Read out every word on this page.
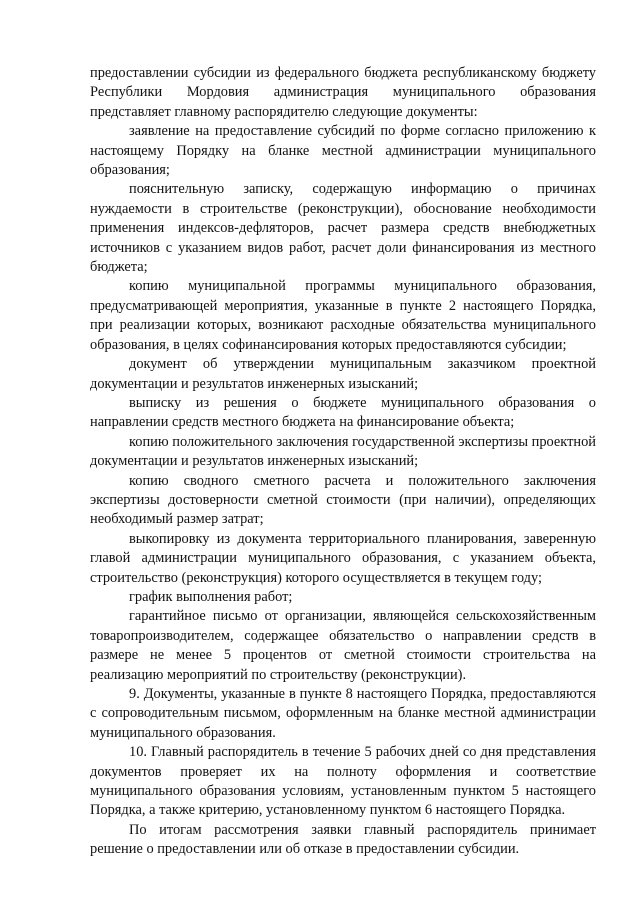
предоставлении субсидии из федерального бюджета республиканскому бюджету Республики Мордовия администрация муниципального образования представляет главному распорядителю следующие документы:

заявление на предоставление субсидий по форме согласно приложению к настоящему Порядку на бланке местной администрации муниципального образования;

пояснительную записку, содержащую информацию о причинах нуждаемости в строительстве (реконструкции), обоснование необходимости применения индексов-дефляторов, расчет размера средств внебюджетных источников с указанием видов работ, расчет доли финансирования из местного бюджета;

копию муниципальной программы муниципального образования, предусматривающей мероприятия, указанные в пункте 2 настоящего Порядка, при реализации которых, возникают расходные обязательства муниципального образования, в целях софинансирования которых предоставляются субсидии;

документ об утверждении муниципальным заказчиком проектной документации и результатов инженерных изысканий;

выписку из решения о бюджете муниципального образования о направлении средств местного бюджета на финансирование объекта;

копию положительного заключения государственной экспертизы проектной документации и результатов инженерных изысканий;

копию сводного сметного расчета и положительного заключения экспертизы достоверности сметной стоимости (при наличии), определяющих необходимый размер затрат;

выкопировку из документа территориального планирования, заверенную главой администрации муниципального образования, с указанием объекта, строительство (реконструкция) которого осуществляется в текущем году;

график выполнения работ;

гарантийное письмо от организации, являющейся сельскохозяйственным товаропроизводителем, содержащее обязательство о направлении средств в размере не менее 5 процентов от сметной стоимости строительства на реализацию мероприятий по строительству (реконструкции).

9. Документы, указанные в пункте 8 настоящего Порядка, предоставляются с сопроводительным письмом, оформленным на бланке местной администрации муниципального образования.

10. Главный распорядитель в течение 5 рабочих дней со дня представления документов проверяет их на полноту оформления и соответствие муниципального образования условиям, установленным пунктом 5 настоящего Порядка, а также критерию, установленному пунктом 6 настоящего Порядка.

По итогам рассмотрения заявки главный распорядитель принимает решение о предоставлении или об отказе в предоставлении субсидии.
